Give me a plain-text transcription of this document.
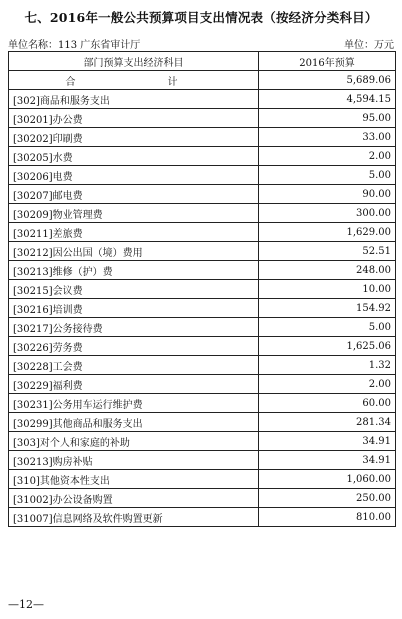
七、2016年一般公共预算项目支出情况表（按经济分类科目）
单位名称：113 广东省审计厅	单位：万元
部门预算支出经济科目	2016年预算
合　　计	5,689.06
[302]商品和服务支出	4,594.15
[30201]办公费	95.00
[30202]印刷费	33.00
[30205]水费	2.00
[30206]电费	5.00
[30207]邮电费	90.00
[30209]物业管理费	300.00
[30211]差旅费	1,629.00
[30212]因公出国（境）费用	52.51
[30213]维修（护）费	248.00
[30215]会议费	10.00
[30216]培训费	154.92
[30217]公务接待费	5.00
[30226]劳务费	1,625.06
[30228]工会费	1.32
[30229]福利费	2.00
[30231]公务用车运行维护费	60.00
[30299]其他商品和服务支出	281.34
[303]对个人和家庭的补助	34.91
[30213]购房补贴	34.91
[310]其他资本性支出	1,060.00
[31002]办公设备购置	250.00
[31007]信息网络及软件购置更新	810.00
—12—
